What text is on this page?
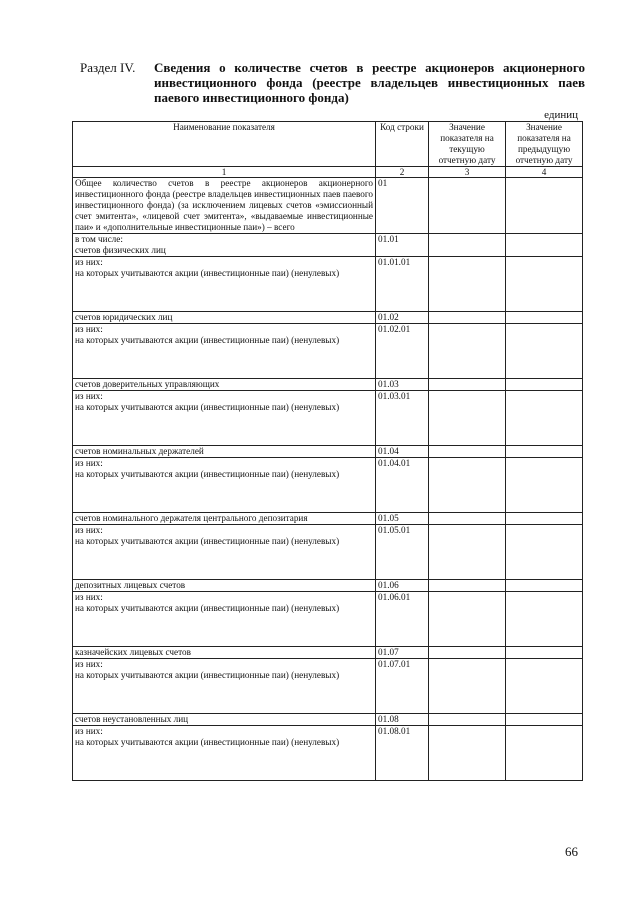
Раздел IV. Сведения о количестве счетов в реестре акционеров акционерного инвестиционного фонда (реестре владельцев инвестиционных паев паевого инвестиционного фонда)
единиц
Наименование показателя	Код строки	Значение показателя на текущую отчетную дату	Значение показателя на предыдущую отчетную дату
1	2	3	4
Общее количество счетов в реестре акционеров акционерного инвестиционного фонда (реестре владельцев инвестиционных паев паевого инвестиционного фонда) (за исключением лицевых счетов «эмиссионный счет эмитента», «лицевой счет эмитента», «выдаваемые инвестиционные паи» и «дополнительные инвестиционные паи») – всего	01		

в том числе:
счетов физических лиц	01.01		

из них:
на которых учитываются акции (инвестиционные паи) (ненулевых)	01.01.01		
счетов юридических лиц	01.02		

из них:
на которых учитываются акции (инвестиционные паи) (ненулевых)	01.02.01		
счетов доверительных управляющих	01.03		

из них:
на которых учитываются акции (инвестиционные паи) (ненулевых)	01.03.01		
счетов номинальных держателей	01.04		

из них:
на которых учитываются акции (инвестиционные паи) (ненулевых)	01.04.01		
счетов номинального держателя центрального депозитария	01.05		

из них:
на которых учитываются акции (инвестиционные паи) (ненулевых)	01.05.01		
депозитных лицевых счетов	01.06		

из них:
на которых учитываются акции (инвестиционные паи) (ненулевых)	01.06.01		
казначейских лицевых счетов	01.07		

из них:
на которых учитываются акции (инвестиционные паи) (ненулевых)	01.07.01		
счетов неустановленных лиц	01.08		

из них:
на которых учитываются акции (инвестиционные паи) (ненулевых)	01.08.01		
66
